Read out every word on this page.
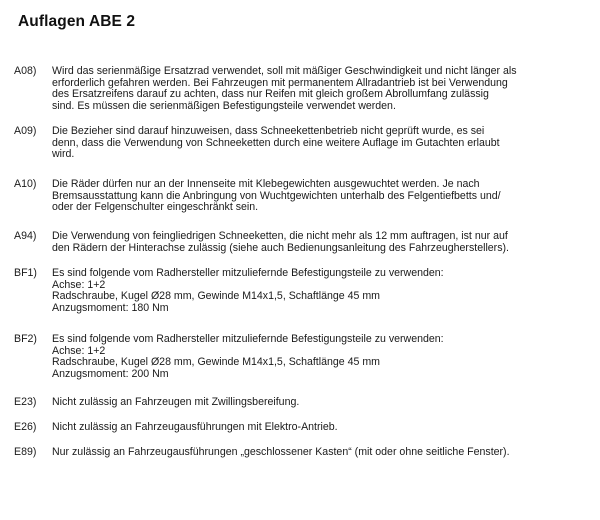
Auflagen ABE 2
A08)	Wird das serienmäßige Ersatzrad verwendet, soll mit mäßiger Geschwindigkeit und nicht länger als
erforderlich gefahren werden. Bei Fahrzeugen mit permanentem Allradantrieb ist bei Verwendung
des Ersatzreifens darauf zu achten, dass nur Reifen mit gleich großem Abrollumfang zulässig
sind. Es müssen die serienmäßigen Befestigungsteile verwendet werden.
A09)	Die Bezieher sind darauf hinzuweisen, dass Schneekettenbetrieb nicht geprüft wurde, es sei
denn, dass die Verwendung von Schneeketten durch eine weitere Auflage im Gutachten erlaubt
wird.
A10)	Die Räder dürfen nur an der Innenseite mit Klebegewichten ausgewuchtet werden. Je nach
Bremsausstattung kann die Anbringung von Wuchtgewichten unterhalb des Felgentiefbetts und/
oder der Felgenschulter eingeschränkt sein.
A94)	Die Verwendung von feingliedrigen Schneeketten, die nicht mehr als 12 mm auftragen, ist nur auf
den Rädern der Hinterachse zulässig (siehe auch Bedienungsanleitung des Fahrzeugherstellers).
BF1)	Es sind folgende vom Radhersteller mitzuliefernde Befestigungsteile zu verwenden:
Achse: 1+2
Radschraube, Kugel Ø28 mm, Gewinde M14x1,5, Schaftlänge 45 mm
Anzugsmoment: 180 Nm
BF2)	Es sind folgende vom Radhersteller mitzuliefernde Befestigungsteile zu verwenden:
Achse: 1+2
Radschraube, Kugel Ø28 mm, Gewinde M14x1,5, Schaftlänge 45 mm
Anzugsmoment: 200 Nm
E23)	Nicht zulässig an Fahrzeugen mit Zwillingsbereifung.
E26)	Nicht zulässig an Fahrzeugausführungen mit Elektro-Antrieb.
E89)	Nur zulässig an Fahrzeugausführungen „geschlossener Kasten“ (mit oder ohne seitliche Fenster).
